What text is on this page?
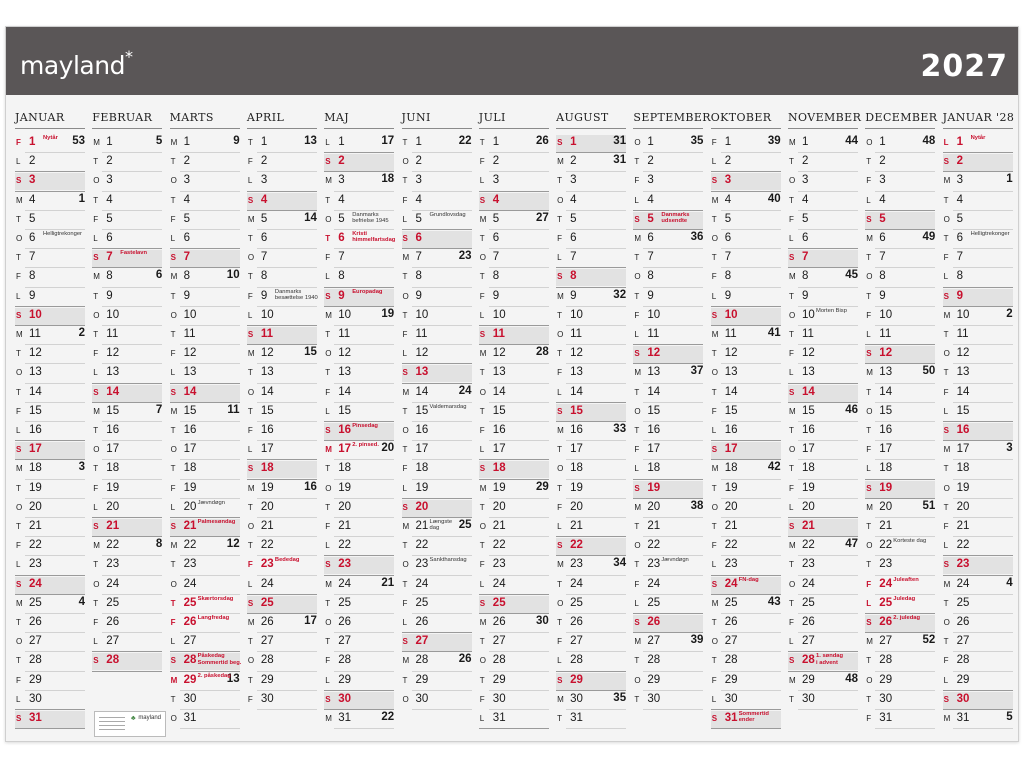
mayland*	2027
JANUAR
F 1 Nytår	53
L 2
S 3
M 4	1
T 5
O 6 Helligtrekonger
T 7
F 8
L 9
S 10
M 11	2
T 12
O 13
T 14
F 15
L 16
S 17
M 18	3
T 19
O 20
T 21
F 22
L 23
S 24
M 25	4
T 26
O 27
T 28
F 29
L 30
S 31
FEBRUAR
M 1	5
T 2
O 3
T 4
F 5
L 6
S 7 Fastelavn
M 8	6
T 9
O 10
T 11
F 12
L 13
S 14
M 15	7
T 16
O 17
T 18
F 19
L 20
S 21
M 22	8
T 23
O 24
T 25
F 26
L 27
S 28
MARTS
M 1	9
T 2
O 3
T 4
F 5
L 6
S 7
M 8	10
T 9
O 10
T 11
F 12
L 13
S 14
M 15	11
T 16
O 17
T 18
F 19
L 20 Jævndøgn
S 21 Palmesøndag
M 22	12
T 23
O 24
T 25 Skærtorsdag
F 26 Langfredag
L 27
S 28 Påskedag
Sommertid beg.
M 29	13
2. påskedag
T 30
O 31
APRIL
T 1	13
F 2
L 3
S 4
M 5	14
T 6
O 7
T 8
F 9 Danmarks
besættelse 1940
L 10
S 11
M 12	15
T 13
O 14
T 15
F 16
L 17
S 18
M 19	16
T 20
O 21
T 22
F 23 Bededag
L 24
S 25
M 26	17
T 27
O 28
T 29
F 30
MAJ
L 1	17
S 2
M 3	18
T 4
O 5 Danmarks
befrielse 1945
T 6 Kristi
himmelfartsdag
F 7
L 8
S 9 Europadag
M 10	19
T 11
O 12
T 13
F 14
L 15
S 16 Pinsedag
M 17	20
2. pinsed.
T 18
O 19
T 20
F 21
L 22
S 23
M 24	21
T 25
O 26
T 27
F 28
L 29
S 30
M 31	22
JUNI
T 1	22
O 2
T 3
F 4
L 5 Grundlovsdag
S 6
M 7	23
T 8
O 9
T 10
F 11
L 12
S 13
M 14	24
T 15 Valdemarsdag
O 16
T 17
F 18
L 19
S 20
M 21	25
Længste
dag
T 22
O 23 Sankthansdag
T 24
F 25
L 26
S 27
M 28	26
T 29
O 30
JULI
T 1	26
F 2
L 3
S 4
M 5	27
T 6
O 7
T 8
F 9
L 10
S 11
M 12	28
T 13
O 14
T 15
F 16
L 17
S 18
M 19	29
T 20
O 21
T 22
F 23
L 24
S 25
M 26	30
T 27
O 28
T 29
F 30
L 31
AUGUST
S 1	31
M 2	31
T 3
O 4
T 5
F 6
L 7
S 8
M 9	32
T 10
O 11
T 12
F 13
L 14
S 15
M 16	33
T 17
O 18
T 19
F 20
L 21
S 22
M 23	34
T 24
O 25
T 26
F 27
L 28
S 29
M 30	35
T 31
SEPTEMBER
O 1	35
T 2
F 3
L 4
S 5 Danmarks
udsendte
M 6	36
T 7
O 8
T 9
F 10
L 11
S 12
M 13	37
T 14
O 15
T 16
F 17
L 18
S 19
M 20	38
T 21
O 22
T 23 Jævndøgn
F 24
L 25
S 26
M 27	39
T 28
O 29
T 30
OKTOBER
F 1	39
L 2
S 3
M 4	40
T 5
O 6
T 7
F 8
L 9
S 10
M 11	41
T 12
O 13
T 14
F 15
L 16
S 17
M 18	42
T 19
O 20
T 21
F 22
L 23
S 24 FN-dag
M 25	43
T 26
O 27
T 28
F 29
L 30
S 31 Sommertid
ender
NOVEMBER
M 1	44
T 2
O 3
T 4
F 5
L 6
S 7
M 8	45
T 9
O 10 Morten Bisp
T 11
F 12
L 13
S 14
M 15	46
T 16
O 17
T 18
F 19
L 20
S 21
M 22	47
T 23
O 24
T 25
F 26
L 27
S 28 1. søndag
i advent
M 29	48
T 30
DECEMBER
O 1	48
T 2
F 3
L 4
S 5
M 6	49
T 7
O 8
T 9
F 10
L 11
S 12
M 13	50
T 14
O 15
T 16
F 17
L 18
S 19
M 20	51
T 21
O 22 Korteste dag
T 23
F 24 Juleaften
L 25 Juledag
S 26 2. juledag
M 27	52
T 28
O 29
T 30
F 31
JANUAR '28
L 1 Nytår
S 2
M 3	1
T 4
O 5
T 6 Helligtrekonger
F 7
L 8
S 9
M 10	2
T 11
O 12
T 13
F 14
L 15
S 16
M 17	3
T 18
O 19
T 20
F 21
L 22
S 23
M 24	4
T 25
O 26
T 27
F 28
L 29
S 30
M 31	5
♣ mayland
